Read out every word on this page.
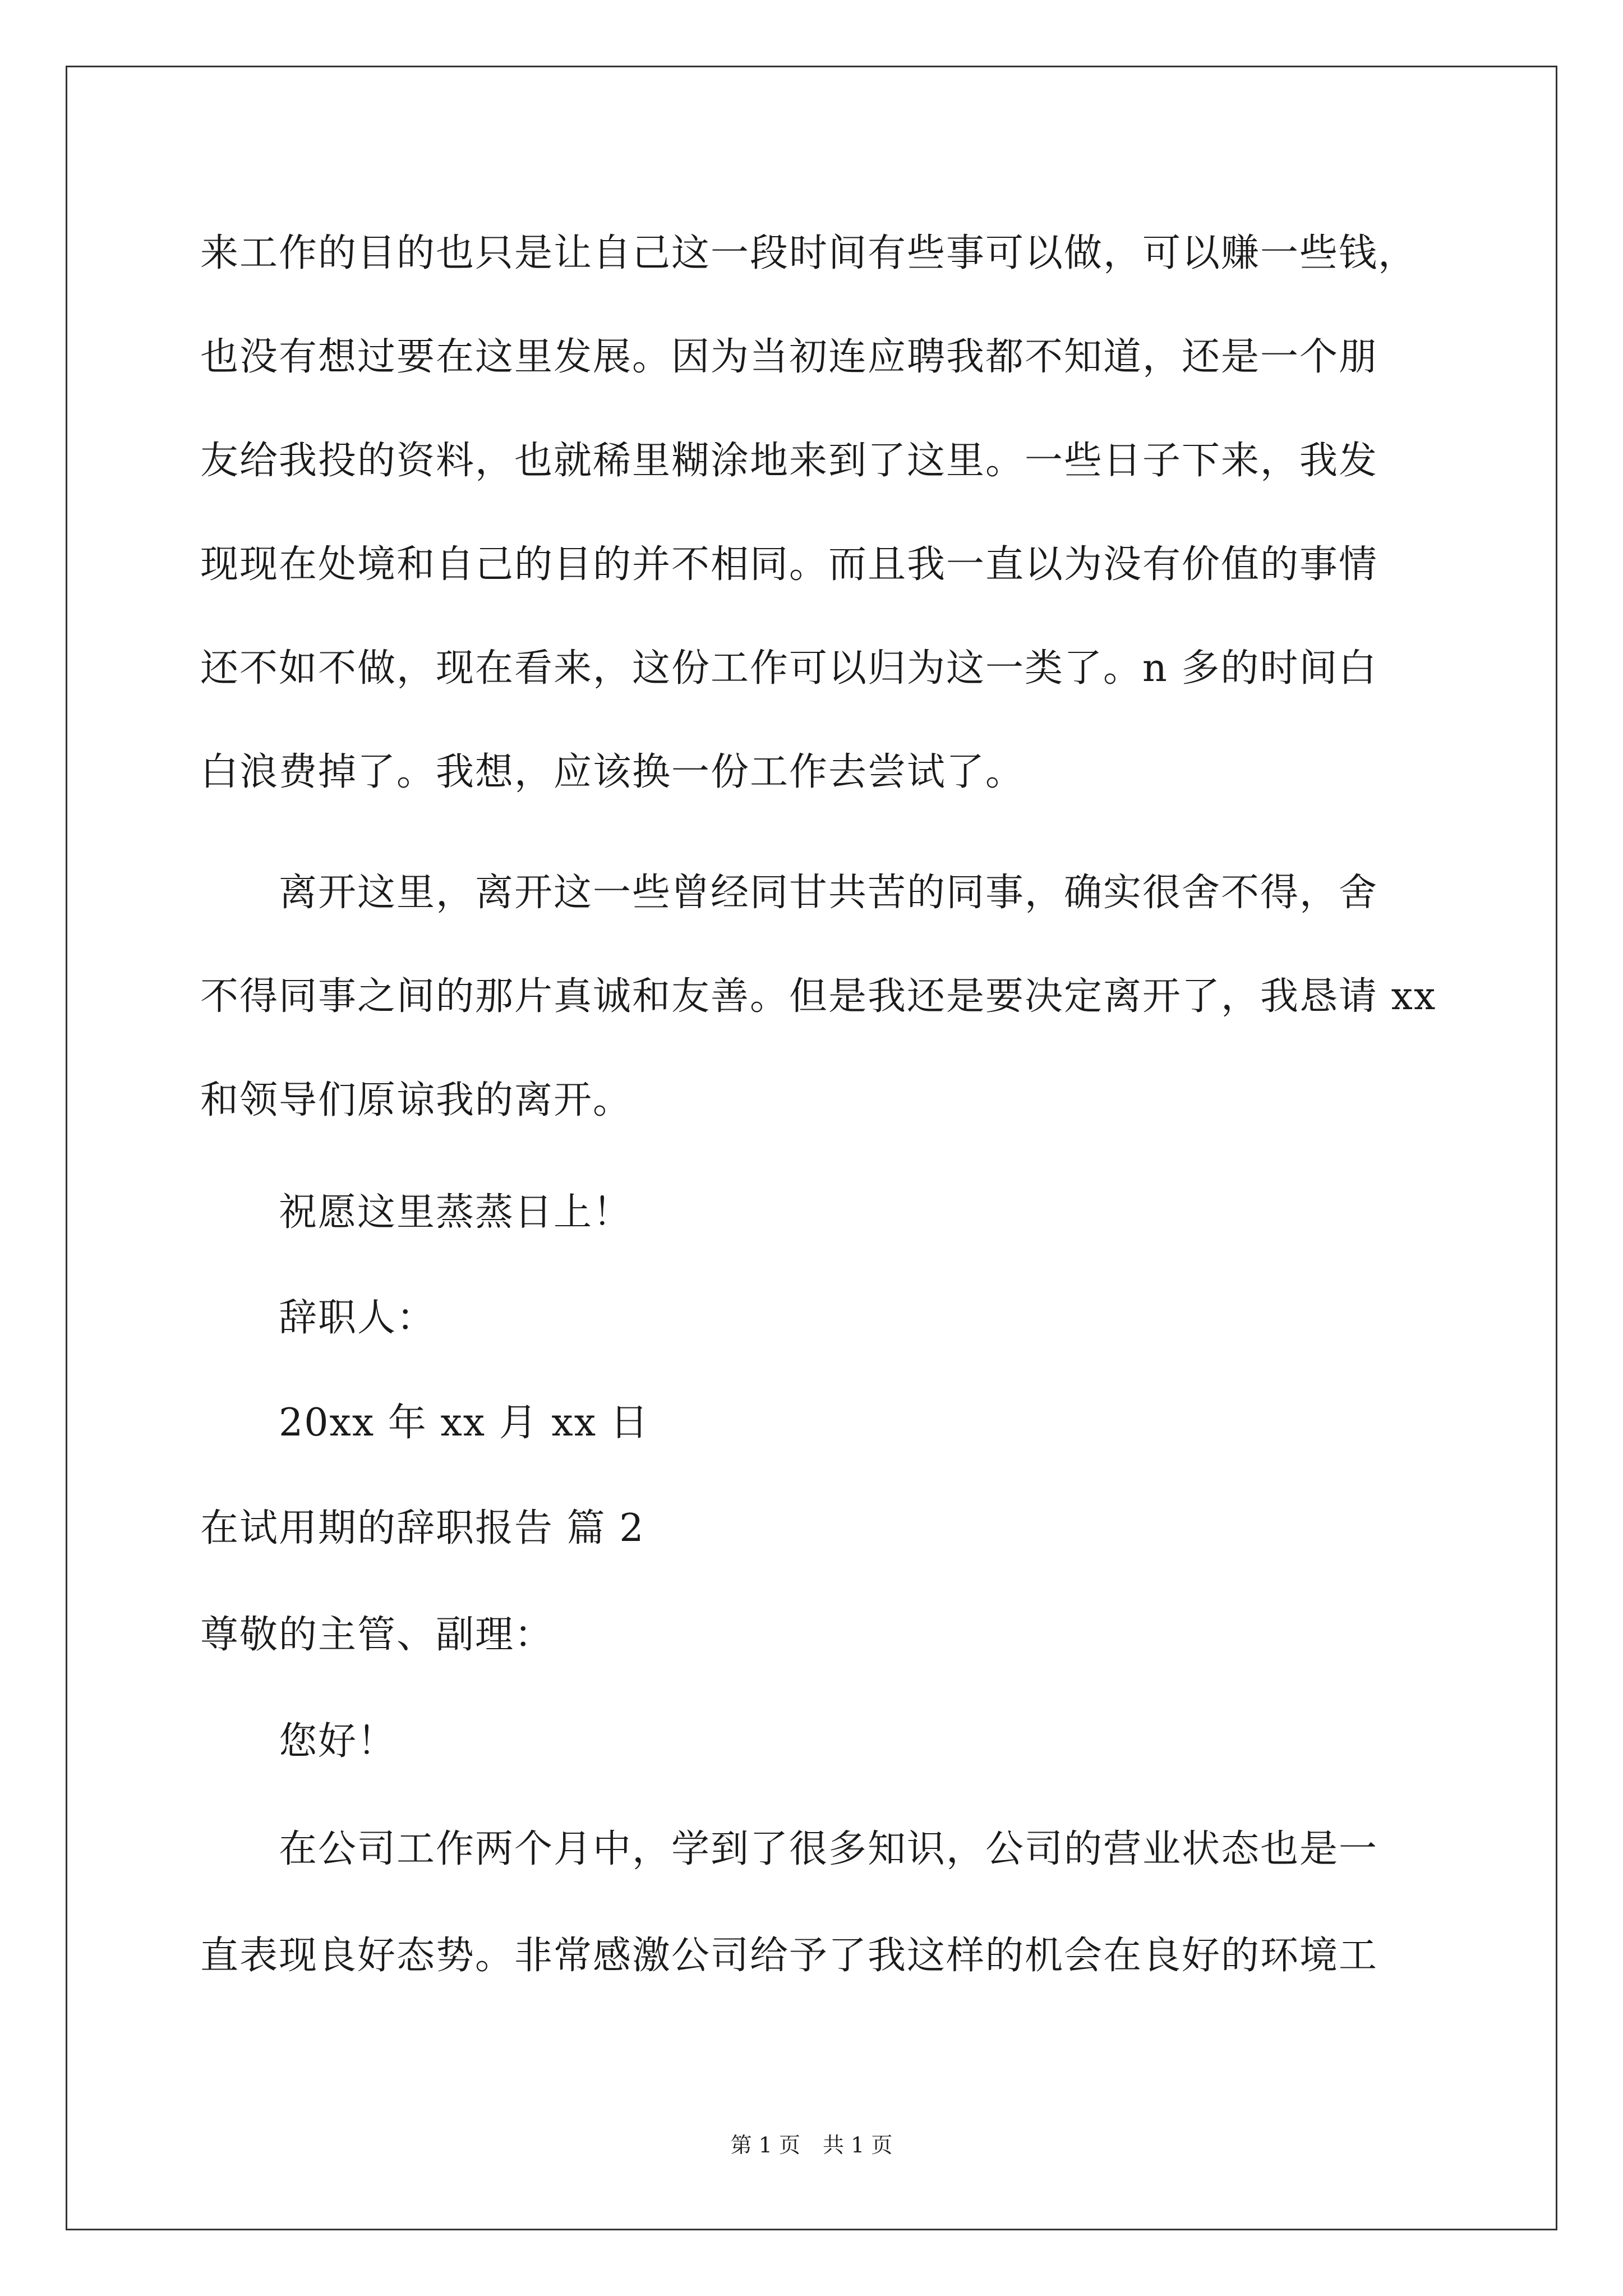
来工作的目的也只是让自己这一段时间有些事可以做，可以赚一些钱，
也没有想过要在这里发展。因为当初连应聘我都不知道，还是一个朋
友给我投的资料，也就稀里糊涂地来到了这里。一些日子下来，我发
现现在处境和自己的目的并不相同。而且我一直以为没有价值的事情
还不如不做，现在看来，这份工作可以归为这一类了。n 多的时间白
白浪费掉了。我想，应该换一份工作去尝试了。
离开这里，离开这一些曾经同甘共苦的同事，确实很舍不得，舍
不得同事之间的那片真诚和友善。但是我还是要决定离开了，我恳请 xx
和领导们原谅我的离开。
祝愿这里蒸蒸日上！
辞职人：
20xx 年 xx 月 xx 日
在试用期的辞职报告 篇 2
尊敬的主管、副理：
您好！
在公司工作两个月中，学到了很多知识，公司的营业状态也是一
直表现良好态势。非常感激公司给予了我这样的机会在良好的环境工
第 1 页 共 1 页
